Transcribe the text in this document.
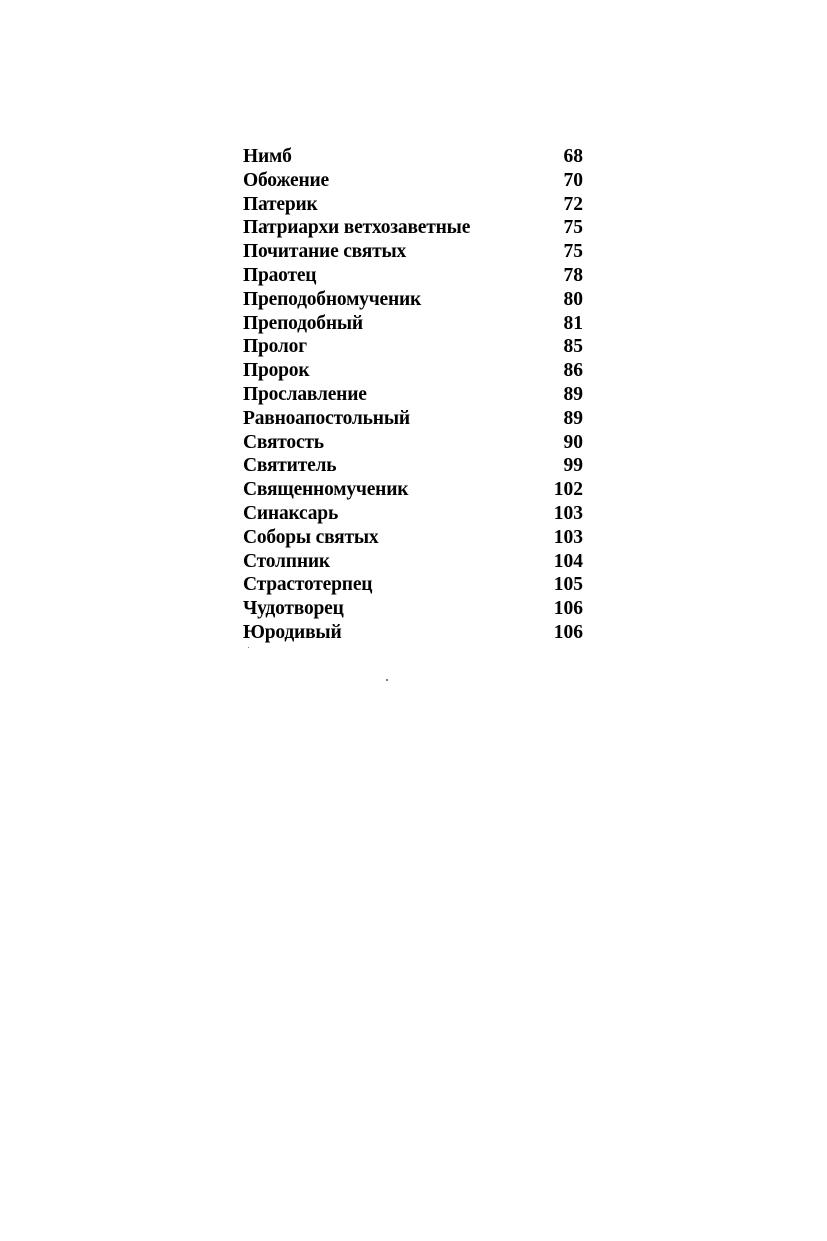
Нимб	68
Обожение	70
Патерик	72
Патриархи ветхозаветные	75
Почитание святых	75
Праотец	78
Преподобномученик	80
Преподобный	81
Пролог	85
Пророк	86
Прославление	89
Равноапостольный	89
Святость	90
Святитель	99
Священномученик	102
Синаксарь	103
Соборы святых	103
Столпник	104
Страстотерпец	105
Чудотворец	106
Юродивый	106
